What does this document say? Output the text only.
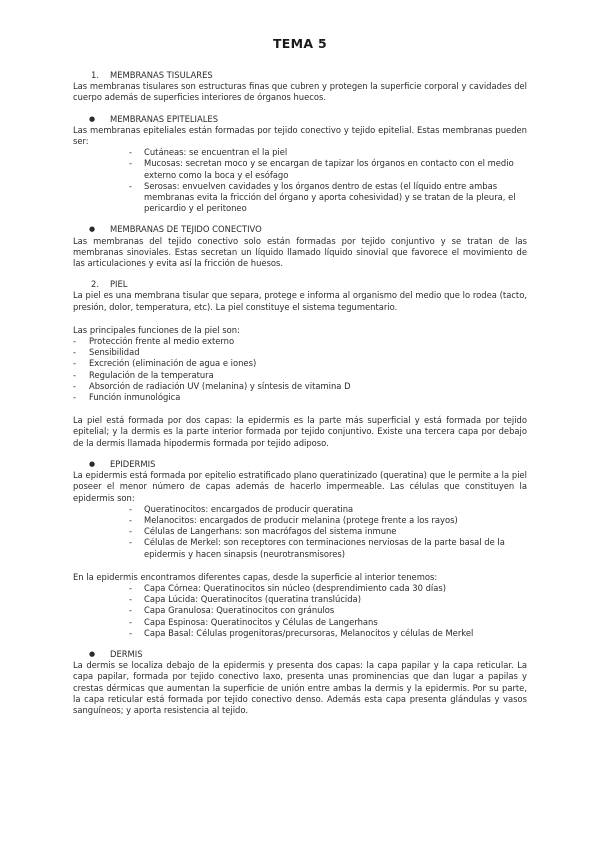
TEMA 5
1.	MEMBRANAS TISULARES

Las membranas tisulares son estructuras finas que cubren y protegen la superficie corporal y cavidades del cuerpo además de superficies interiores de órganos huecos.

●	MEMBRANAS EPITELIALES

Las membranas epiteliales están formadas por tejido conectivo y tejido epitelial. Estas membranas pueden ser:

- Cutáneas: se encuentran el la piel
- Mucosas: secretan moco y se encargan de tapizar los órganos en contacto con el medio externo como la boca y el esófago
- Serosas: envuelven cavidades y los órganos dentro de estas (el líquido entre ambas membranas evita la fricción del órgano y aporta cohesividad) y se tratan de la pleura, el pericardio y el peritoneo
●	MEMBRANAS DE TEJIDO CONECTIVO

Las membranas del tejido conectivo solo están formadas por tejido conjuntivo y se tratan de las membranas sinoviales. Estas secretan un líquido llamado líquido sinovial que favorece el movimiento de las articulaciones y evita así la fricción de huesos.

2.	PIEL

La piel es una membrana tisular que separa, protege e informa al organismo del medio que lo rodea (tacto, presión, dolor, temperatura, etc). La piel constituye el sistema tegumentario.

Las principales funciones de la piel son:

- Protección frente al medio externo
- Sensibilidad
- Excreción (eliminación de agua e iones)
- Regulación de la temperatura
- Absorción de radiación UV (melanina) y síntesis de vitamina D
- Función inmunológica

La piel está formada por dos capas: la epidermis es la parte más superficial y está formada por tejido epitelial; y la dermis es la parte interior formada por tejido conjuntivo. Existe una tercera capa por debajo de la dermis llamada hipodermis formada por tejido adiposo.

●	EPIDERMIS

La epidermis está formada por epitelio estratificado plano queratinizado (queratina) que le permite a la piel poseer el menor número de capas además de hacerlo impermeable. Las células que constituyen la epidermis son:

- Queratinocitos: encargados de producir queratina
- Melanocitos: encargados de producir melanina (protege frente a los rayos)
- Células de Langerhans: son macrófagos del sistema inmune
- Células de Merkel: son receptores con terminaciones nerviosas de la parte basal de la epidermis y hacen sinapsis (neurotransmisores)

En la epidermis encontramos diferentes capas, desde la superficie al interior tenemos:

- Capa Córnea: Queratinocitos sin núcleo (desprendimiento cada 30 días)
- Capa Lúcida: Queratinocitos (queratina translúcida)
- Capa Granulosa: Queratinocitos con gránulos
- Capa Espinosa: Queratinocitos y Células de Langerhans
- Capa Basal: Células progenitoras/precursoras, Melanocitos y células de Merkel
●	DERMIS

La dermis se localiza debajo de la epidermis y presenta dos capas: la capa papilar y la capa reticular. La capa papilar, formada por tejido conectivo laxo, presenta unas prominencias que dan lugar a papilas y crestas dérmicas que aumentan la superficie de unión entre ambas la dermis y la epidermis. Por su parte, la capa reticular está formada por tejido conectivo denso. Además esta capa presenta glándulas y vasos sanguíneos; y aporta resistencia al tejido.
